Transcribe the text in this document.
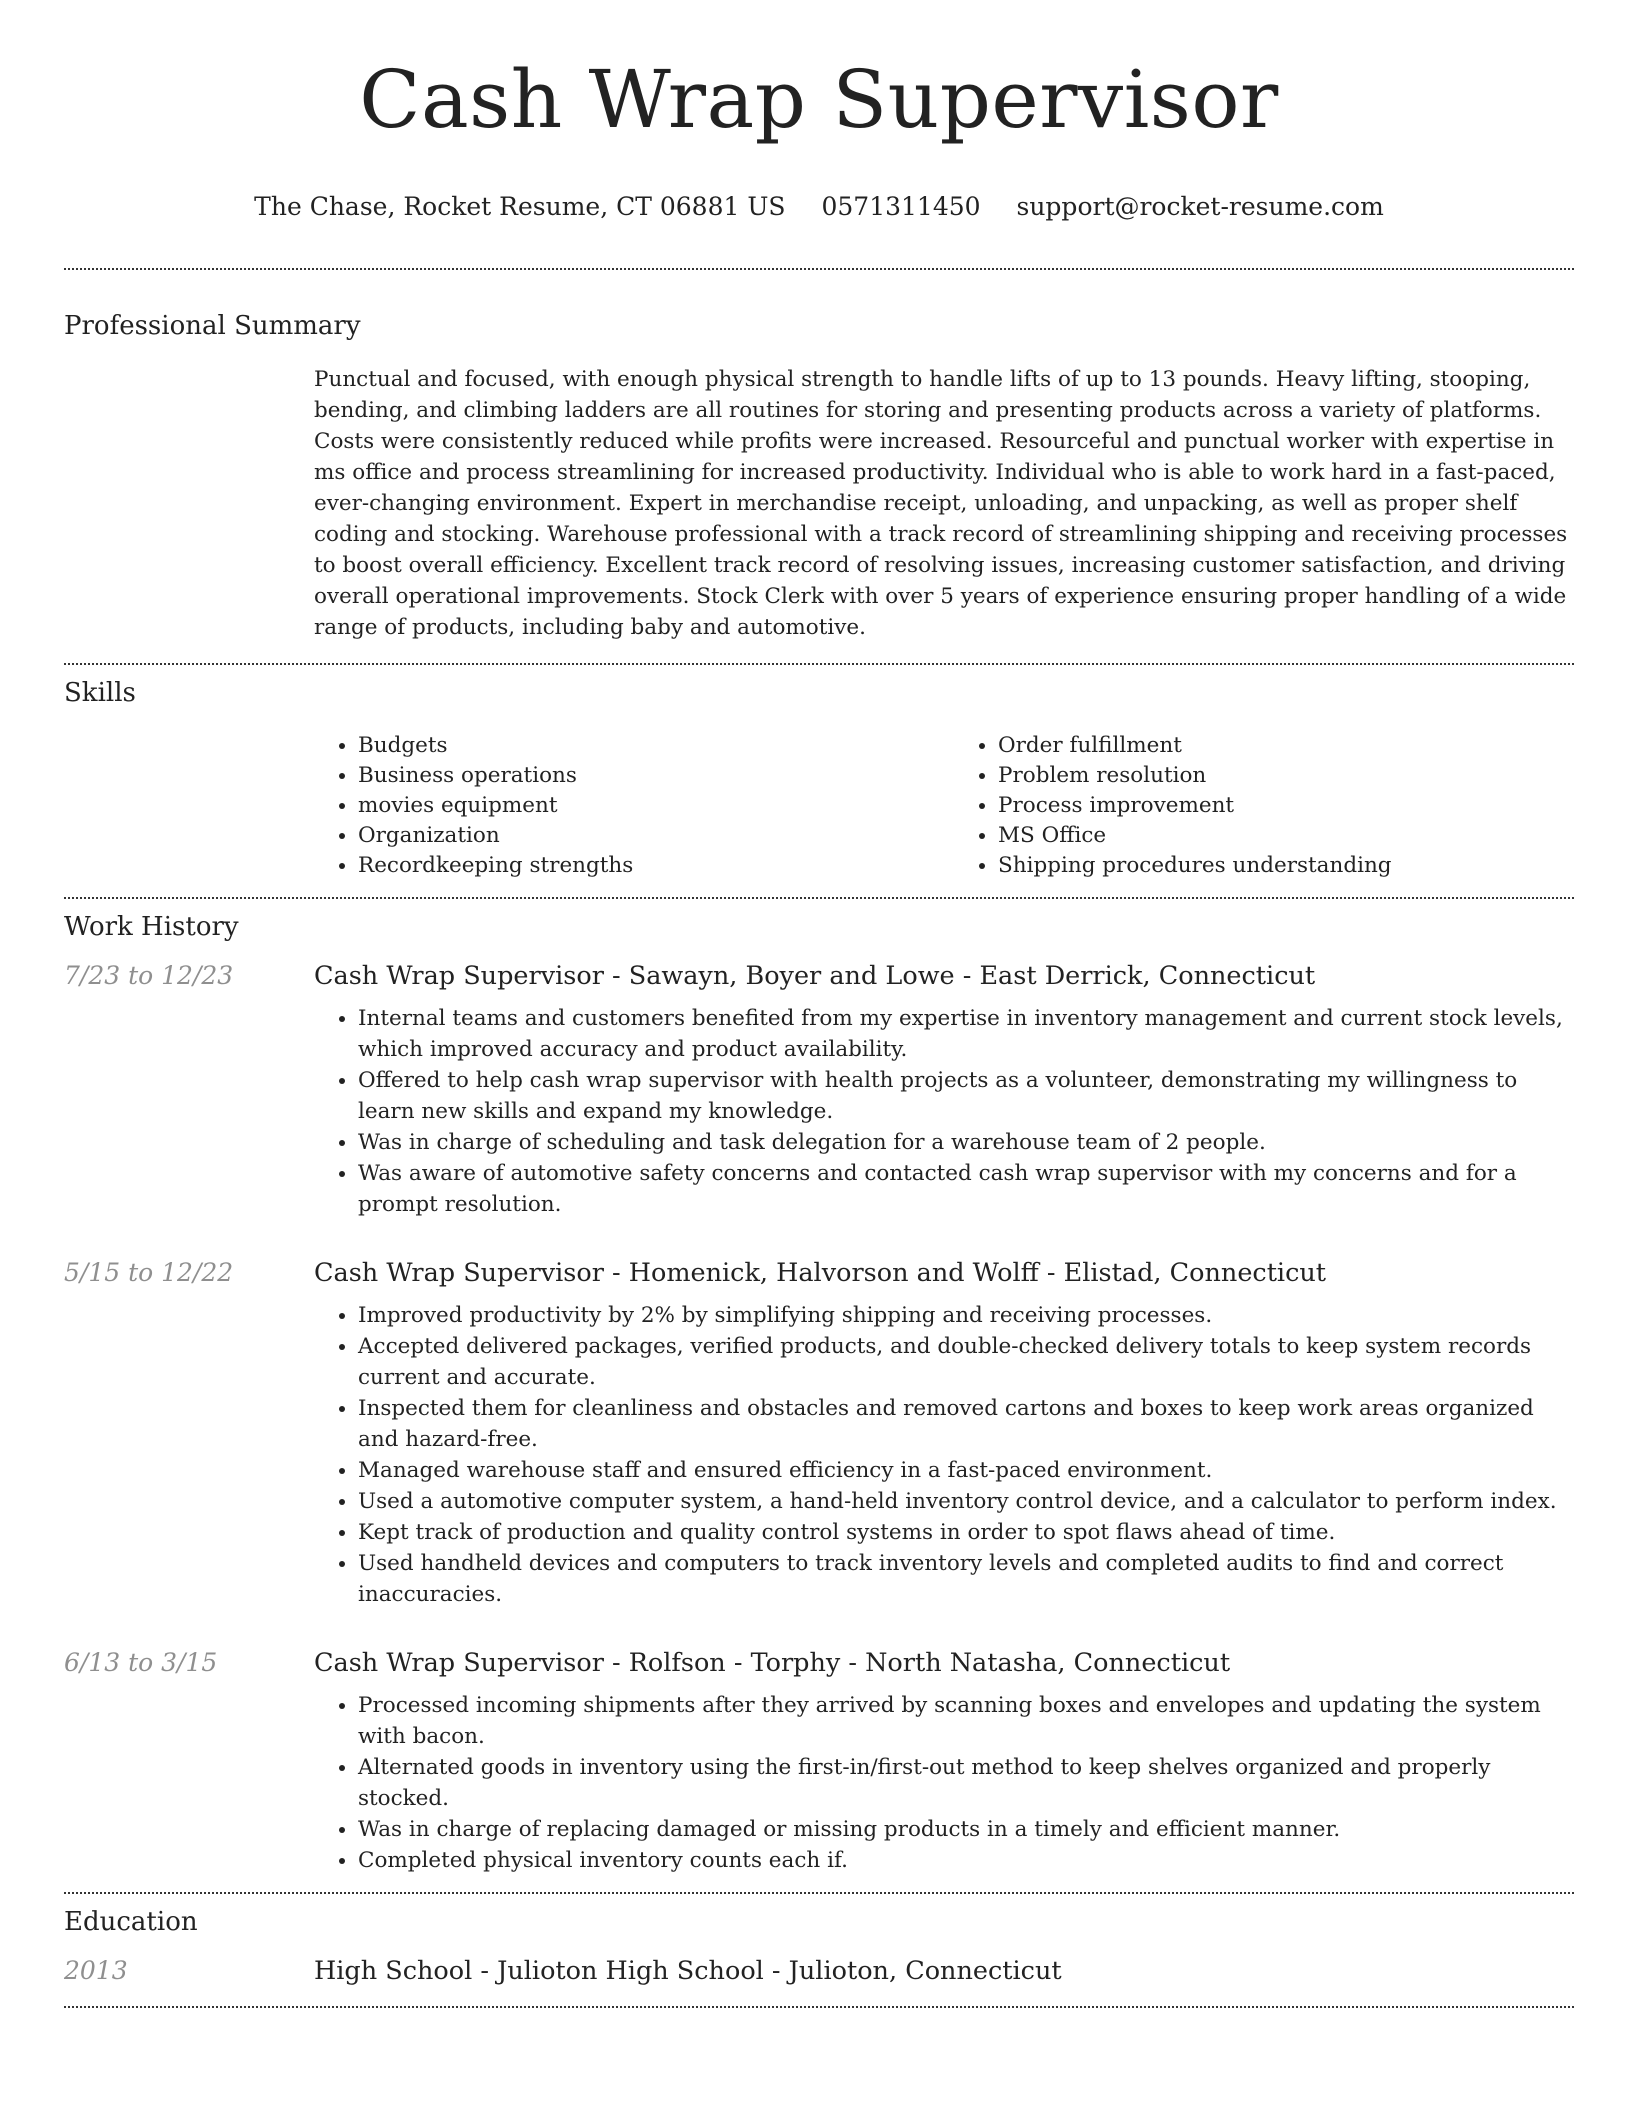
Cash Wrap Supervisor
The Chase, Rocket Resume, CT 06881 US 0571311450 support@rocket-resume.com
Professional Summary

Punctual and focused, with enough physical strength to handle lifts of up to 13 pounds. Heavy lifting, stooping, bending, and climbing ladders are all routines for storing and presenting products across a variety of platforms. Costs were consistently reduced while profits were increased. Resourceful and punctual worker with expertise in ms office and process streamlining for increased productivity. Individual who is able to work hard in a fast-paced, ever-changing environment. Expert in merchandise receipt, unloading, and unpacking, as well as proper shelf coding and stocking. Warehouse professional with a track record of streamlining shipping and receiving processes to boost overall efficiency. Excellent track record of resolving issues, increasing customer satisfaction, and driving overall operational improvements. Stock Clerk with over 5 years of experience ensuring proper handling of a wide range of products, including baby and automotive.

Skills
• Budgets
• Business operations
• movies equipment
• Organization
• Recordkeeping strengths
• Order fulfillment
• Problem resolution
• Process improvement
• MS Office
• Shipping procedures understanding
Work History
7/23 to 12/23	Cash Wrap Supervisor - Sawayn, Boyer and Lowe - East Derrick, Connecticut
• Internal teams and customers benefited from my expertise in inventory management and current stock levels, which improved accuracy and product availability.
• Offered to help cash wrap supervisor with health projects as a volunteer, demonstrating my willingness to learn new skills and expand my knowledge.
• Was in charge of scheduling and task delegation for a warehouse team of 2 people.
• Was aware of automotive safety concerns and contacted cash wrap supervisor with my concerns and for a prompt resolution.
5/15 to 12/22	Cash Wrap Supervisor - Homenick, Halvorson and Wolff - Elistad, Connecticut
• Improved productivity by 2% by simplifying shipping and receiving processes.
• Accepted delivered packages, verified products, and double-checked delivery totals to keep system records current and accurate.
• Inspected them for cleanliness and obstacles and removed cartons and boxes to keep work areas organized and hazard-free.
• Managed warehouse staff and ensured efficiency in a fast-paced environment.
• Used a automotive computer system, a hand-held inventory control device, and a calculator to perform index.
• Kept track of production and quality control systems in order to spot flaws ahead of time.
• Used handheld devices and computers to track inventory levels and completed audits to find and correct inaccuracies.
6/13 to 3/15	Cash Wrap Supervisor - Rolfson - Torphy - North Natasha, Connecticut
• Processed incoming shipments after they arrived by scanning boxes and envelopes and updating the system with bacon.
• Alternated goods in inventory using the first-in/first-out method to keep shelves organized and properly stocked.
• Was in charge of replacing damaged or missing products in a timely and efficient manner.
• Completed physical inventory counts each if.
Education
2013	High School - Julioton High School - Julioton, Connecticut
